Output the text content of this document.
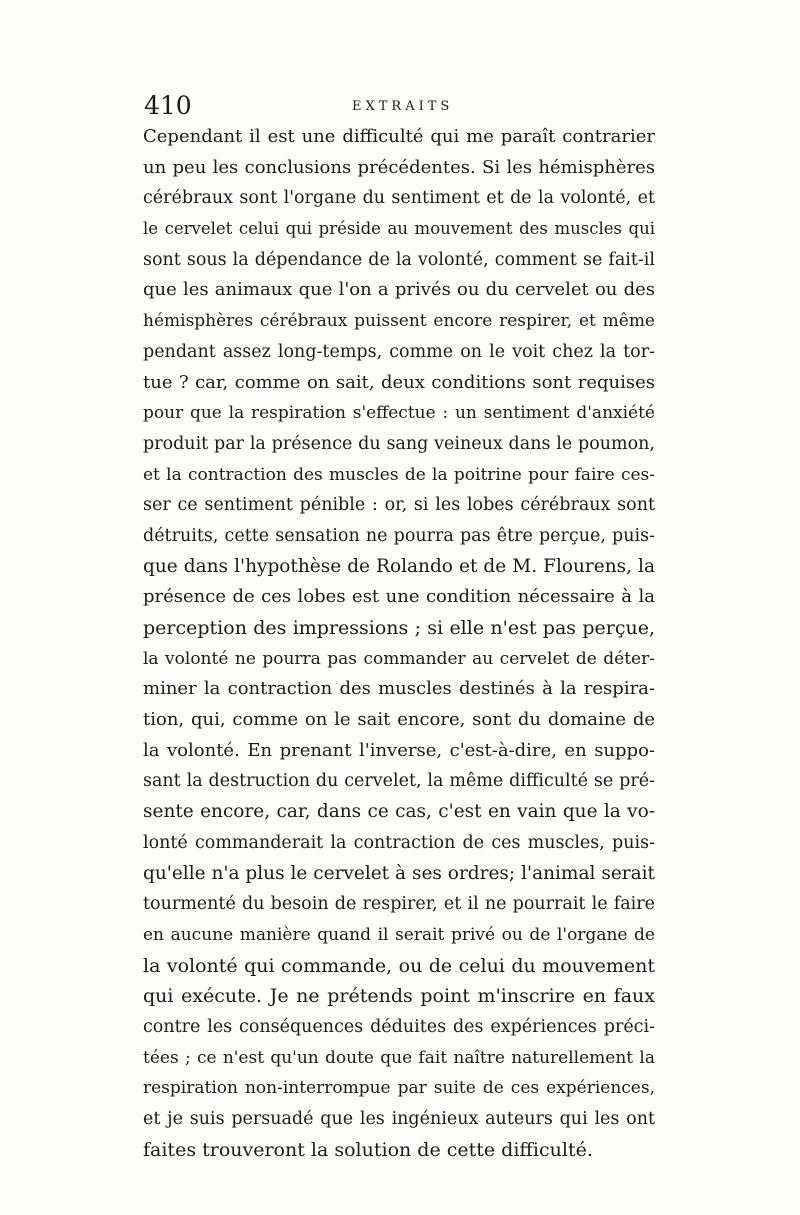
410	EXTRAITS
Cependant il est une difficulté qui me paraît contrarier
un peu les conclusions précédentes. Si les hémisphères
cérébraux sont l'organe du sentiment et de la volonté, et
le cervelet celui qui préside au mouvement des muscles qui
sont sous la dépendance de la volonté, comment se fait-il
que les animaux que l'on a privés ou du cervelet ou des
hémisphères cérébraux puissent encore respirer, et même
pendant assez long-temps, comme on le voit chez la tor-
tue ? car, comme on sait, deux conditions sont requises
pour que la respiration s'effectue : un sentiment d'anxiété
produit par la présence du sang veineux dans le poumon,
et la contraction des muscles de la poitrine pour faire ces-
ser ce sentiment pénible : or, si les lobes cérébraux sont
détruits, cette sensation ne pourra pas être perçue, puis-
que dans l'hypothèse de Rolando et de M. Flourens, la
présence de ces lobes est une condition nécessaire à la
perception des impressions ; si elle n'est pas perçue,
la volonté ne pourra pas commander au cervelet de déter-
miner la contraction des muscles destinés à la respira-
tion, qui, comme on le sait encore, sont du domaine de
la volonté. En prenant l'inverse, c'est-à-dire, en suppo-
sant la destruction du cervelet, la même difficulté se pré-
sente encore, car, dans ce cas, c'est en vain que la vo-
lonté commanderait la contraction de ces muscles, puis-
qu'elle n'a plus le cervelet à ses ordres; l'animal serait
tourmenté du besoin de respirer, et il ne pourrait le faire
en aucune manière quand il serait privé ou de l'organe de
la volonté qui commande, ou de celui du mouvement
qui exécute. Je ne prétends point m'inscrire en faux
contre les conséquences déduites des expériences préci-
tées ; ce n'est qu'un doute que fait naître naturellement la
respiration non-interrompue par suite de ces expériences,
et je suis persuadé que les ingénieux auteurs qui les ont
faites trouveront la solution de cette difficulté.
